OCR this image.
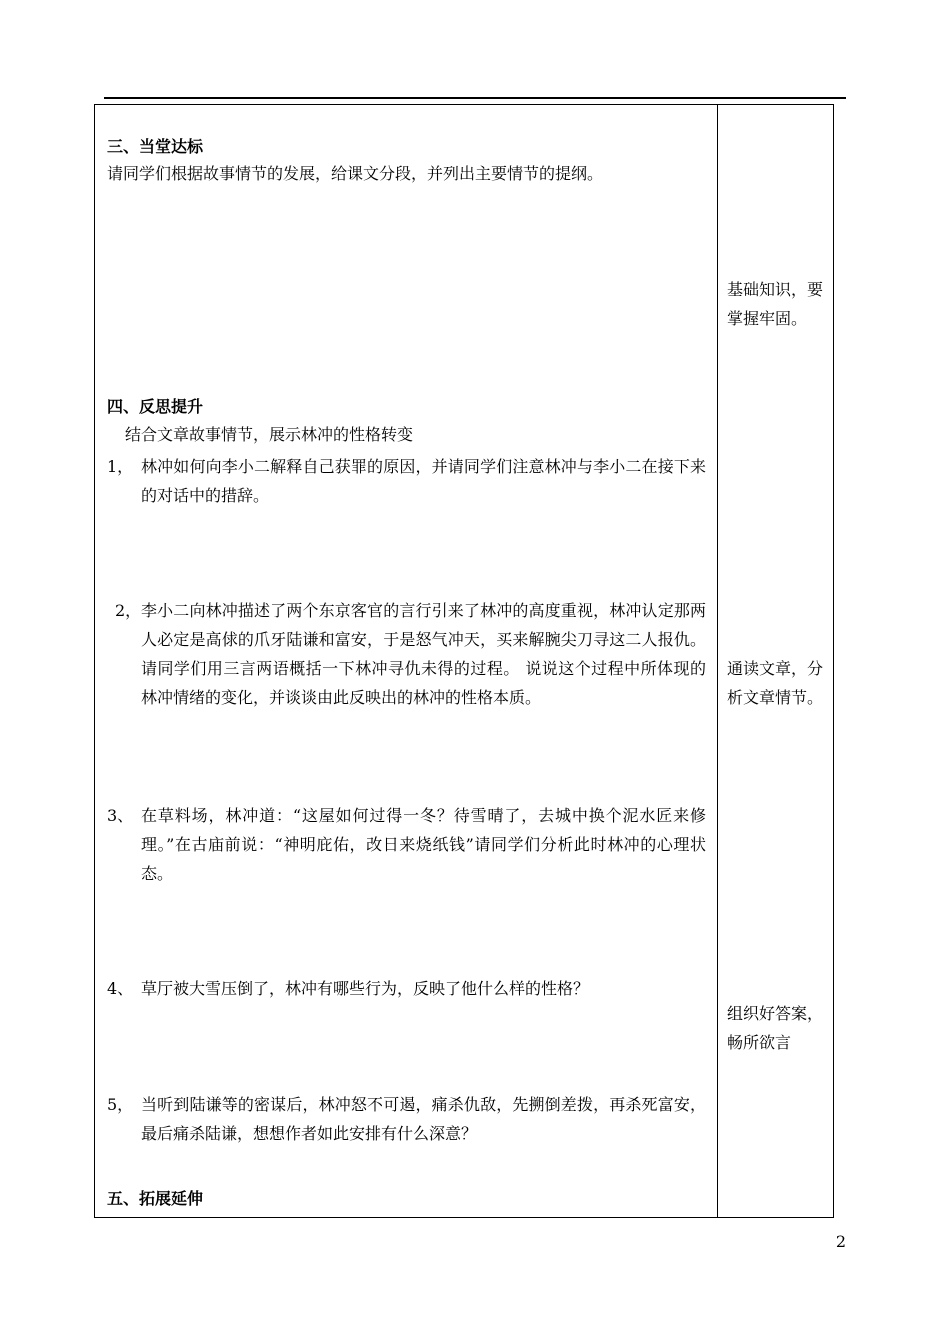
三、当堂达标
请同学们根据故事情节的发展，给课文分段，并列出主要情节的提纲。
四、反思提升
结合文章故事情节，展示林冲的性格转变
1， 林冲如何向李小二解释自己获罪的原因，并请同学们注意林冲与李小二在接下来的对话中的措辞。
2， 李小二向林冲描述了两个东京客官的言行引来了林冲的高度重视，林冲认定那两人必定是高俅的爪牙陆谦和富安，于是怒气冲天，买来解腕尖刀寻这二人报仇。请同学们用三言两语概括一下林冲寻仇未得的过程。 说说这个过程中所体现的林冲情绪的变化，并谈谈由此反映出的林冲的性格本质。
3、 在草料场，林冲道：“这屋如何过得一冬？待雪晴了，去城中换个泥水匠来修理。”在古庙前说：“神明庇佑，改日来烧纸钱”请同学们分析此时林冲的心理状态。
4、 草厅被大雪压倒了，林冲有哪些行为，反映了他什么样的性格？
5， 当听到陆谦等的密谋后，林冲怒不可遏，痛杀仇敌，先搠倒差拨，再杀死富安，最后痛杀陆谦，想想作者如此安排有什么深意？
五、拓展延伸
基础知识，要掌握牢固。
通读文章，分析文章情节。
组织好答案，畅所欲言
2
